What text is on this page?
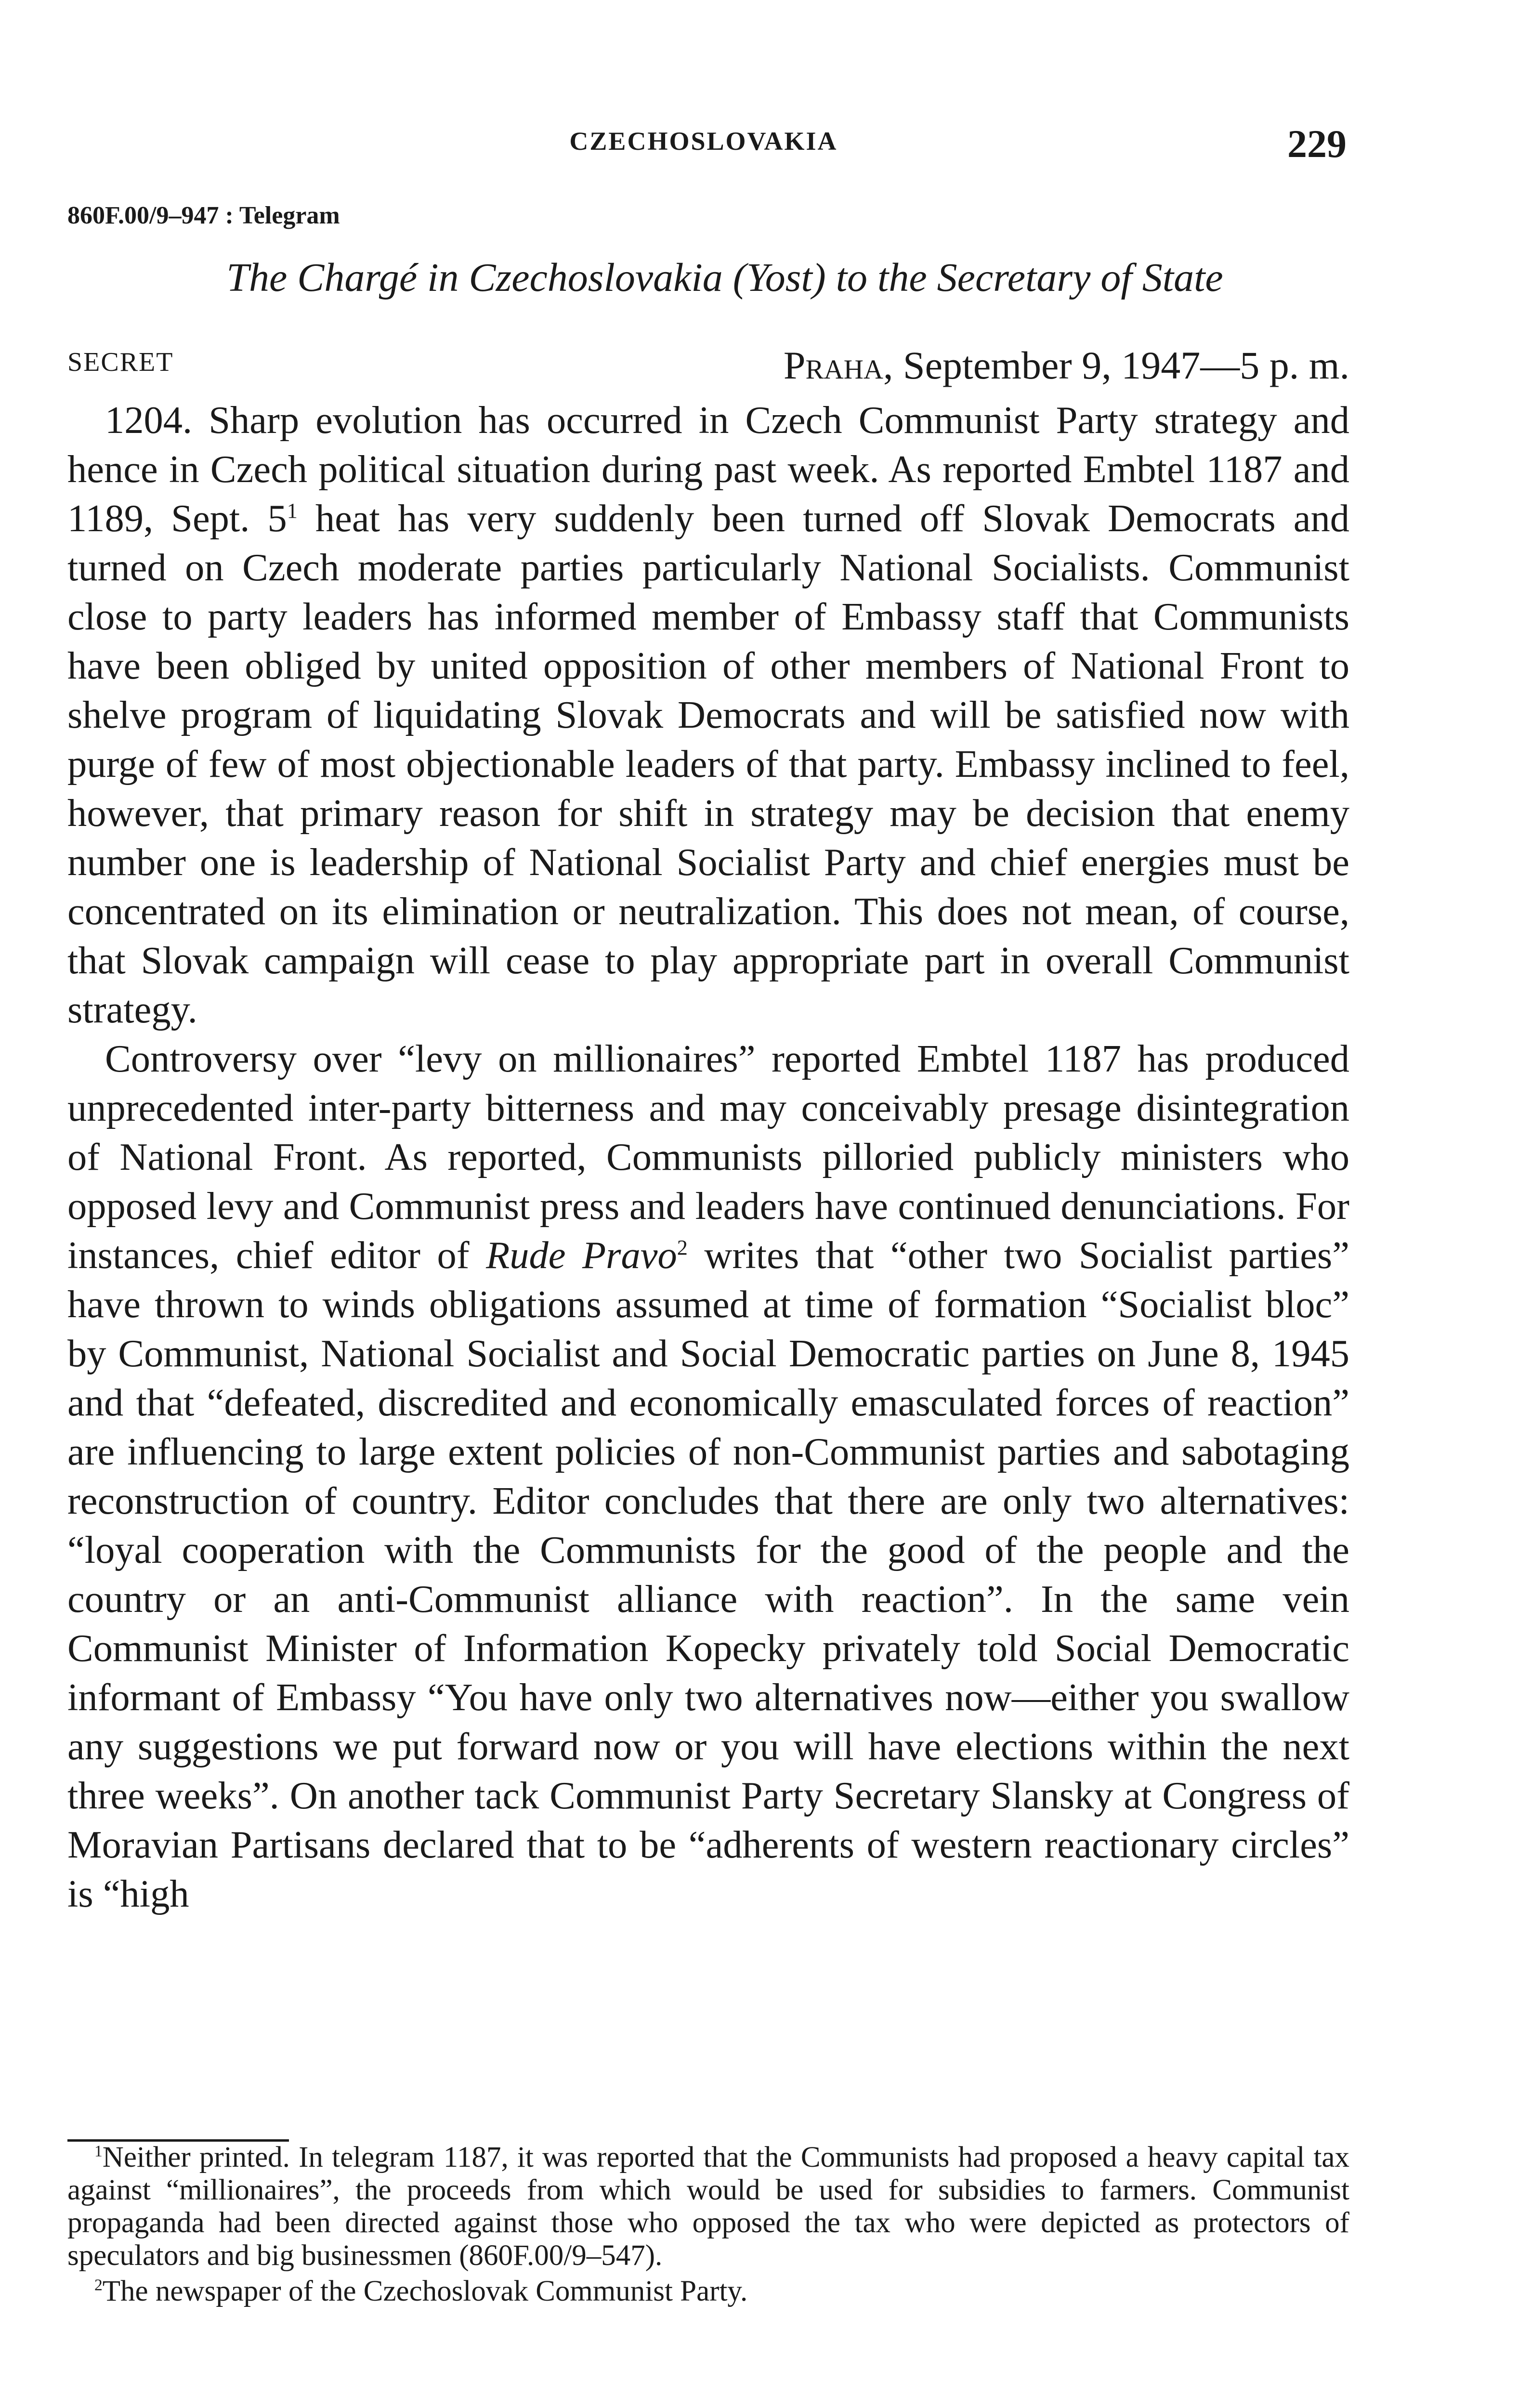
CZECHOSLOVAKIA	229
860F.00/9–947 : Telegram
The Chargé in Czechoslovakia (Yost) to the Secretary of State
SECRET	Praha, September 9, 1947—5 p. m.

1204. Sharp evolution has occurred in Czech Communist Party strategy and hence in Czech political situation during past week. As reported Embtel 1187 and 1189, Sept. $5^1$ heat has very suddenly been turned off Slovak Democrats and turned on Czech moderate parties particularly National Socialists. Communist close to party leaders has informed member of Embassy staff that Communists have been obliged by united opposition of other members of National Front to shelve program of liquidating Slovak Democrats and will be satisfied now with purge of few of most objectionable leaders of that party. Embassy inclined to feel, however, that primary reason for shift in strategy may be decision that enemy number one is leadership of National Socialist Party and chief energies must be concentrated on its elimination or neutralization. This does not mean, of course, that Slovak campaign will cease to play appropriate part in overall Communist strategy.

Controversy over “levy on millionaires” reported Embtel 1187 has produced unprecedented inter-party bitterness and may conceivably presage disintegration of National Front. As reported, Communists pilloried publicly ministers who opposed levy and Communist press and leaders have continued denunciations. For instances, chief editor of Rude Pravo$^2$ writes that “other two Socialist parties” have thrown to winds obligations assumed at time of formation “Socialist bloc” by Communist, National Socialist and Social Democratic parties on June 8, 1945 and that “defeated, discredited and economically emasculated forces of reaction” are influencing to large extent policies of non-Communist parties and sabotaging reconstruction of country. Editor concludes that there are only two alternatives: “loyal cooperation with the Communists for the good of the people and the country or an anti-Communist alliance with reaction”. In the same vein Communist Minister of Information Kopecky privately told Social Democratic informant of Embassy “You have only two alternatives now—either you swallow any suggestions we put forward now or you will have elections within the next three weeks”. On another tack Communist Party Secretary Slansky at Congress of Moravian Partisans declared that to be “adherents of western reactionary circles” is “high

$^1$Neither printed. In telegram 1187, it was reported that the Communists had proposed a heavy capital tax against “millionaires”, the proceeds from which would be used for subsidies to farmers. Communist propaganda had been directed against those who opposed the tax who were depicted as protectors of speculators and big businessmen (860F.00/9–547).

$^2$The newspaper of the Czechoslovak Communist Party.
